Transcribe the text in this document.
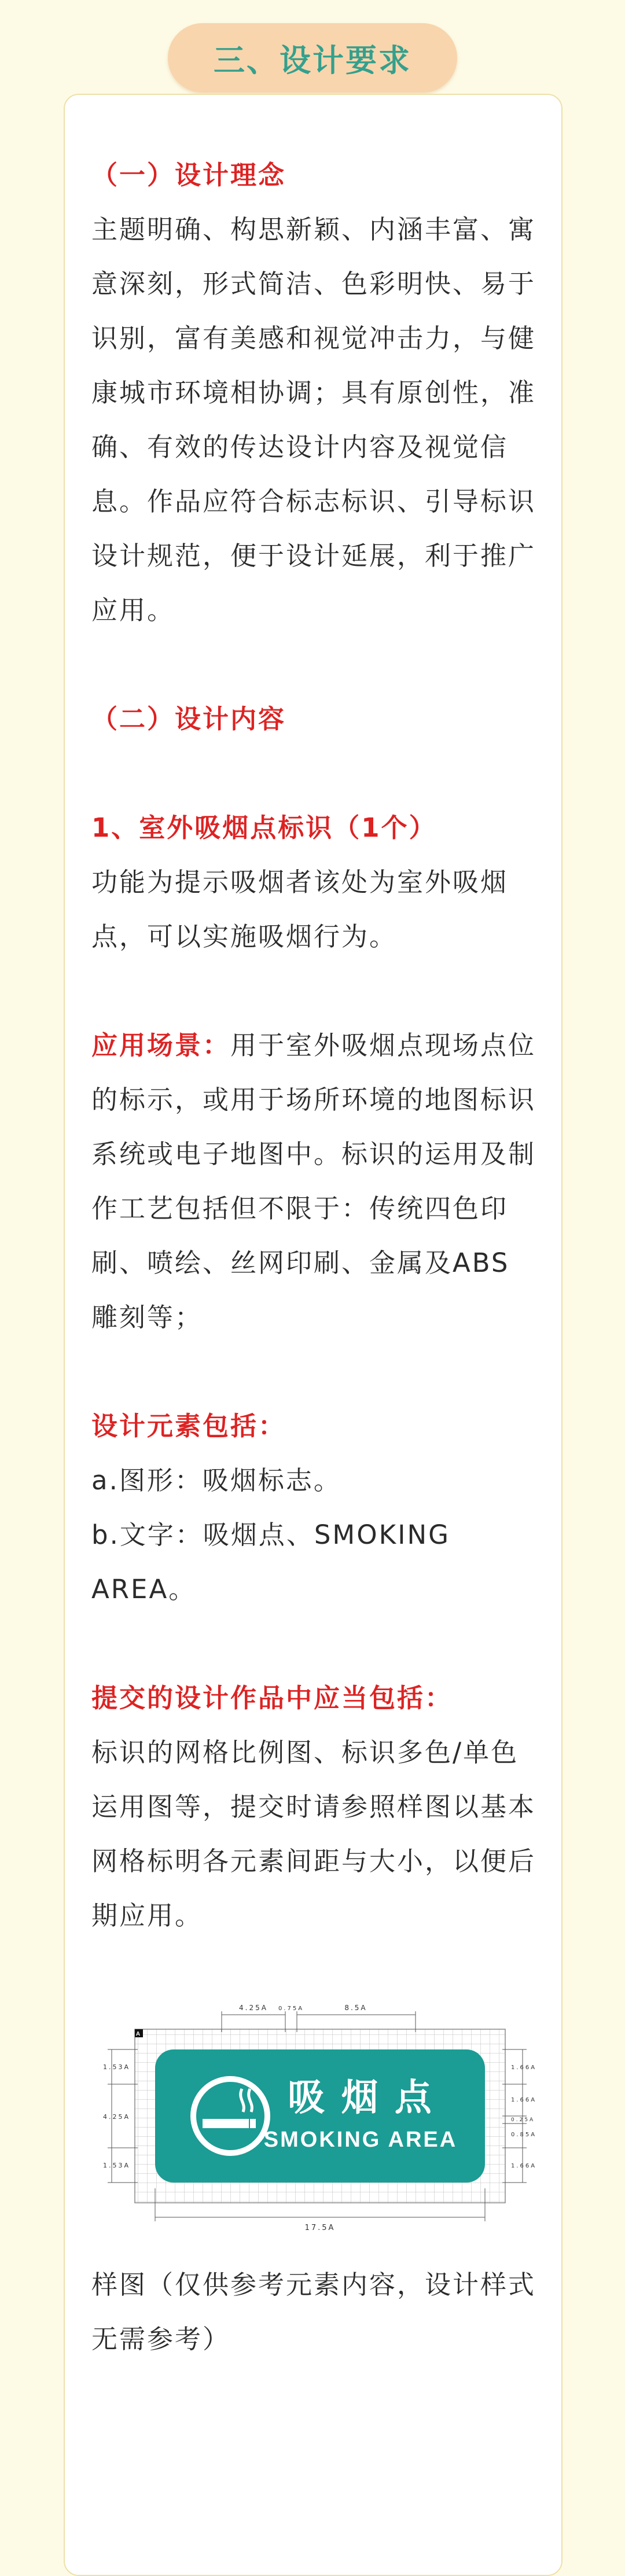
三、设计要求

（一）设计理念

主题明确、构思新颖、内涵丰富、寓意深刻，形式简洁、色彩明快、易于识别，富有美感和视觉冲击力，与健康城市环境相协调；具有原创性，准确、有效的传达设计内容及视觉信息。作品应符合标志标识、引导标识设计规范，便于设计延展，利于推广应用。

（二）设计内容

1、室外吸烟点标识（1个）

功能为提示吸烟者该处为室外吸烟点，可以实施吸烟行为。

应用场景：用于室外吸烟点现场点位的标示，或用于场所环境的地图标识系统或电子地图中。标识的运用及制作工艺包括但不限于：传统四色印刷、喷绘、丝网印刷、金属及ABS雕刻等；

设计元素包括：

a.图形：吸烟标志。

b.文字：吸烟点、SMOKING AREA。

提交的设计作品中应当包括：

标识的网格比例图、标识多色/单色运用图等，提交时请参照样图以基本网格标明各元素间距与大小，以便后期应用。

A
4.25A 0.75A	8.5A
1.53A
4.25A
1.53A
1.66A
1.66A
0.25A
0.85A
1.66A
17.5A
吸 烟 点
SMOKING AREA

样图（仅供参考元素内容，设计样式无需参考）
